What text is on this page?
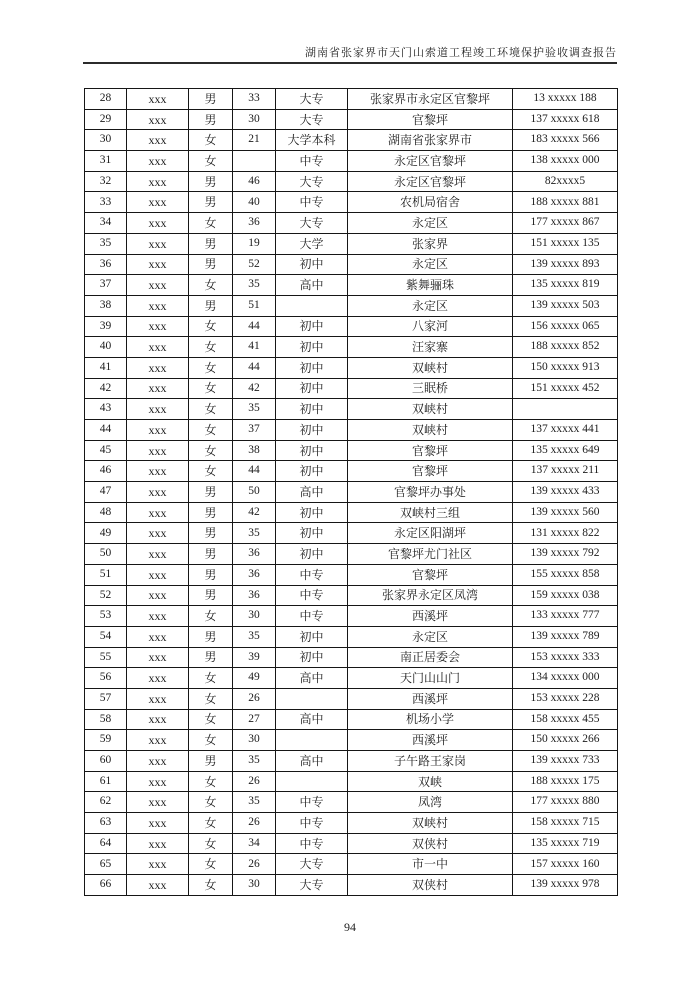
湖南省张家界市天门山索道工程竣工环境保护验收调查报告
28	xxx	男	33	大专	张家界市永定区官黎坪	13 xxxxx 188
29	xxx	男	30	大专	官黎坪	137 xxxxx 618
30	xxx	女	21	大学本科	湖南省张家界市	183 xxxxx 566
31	xxx	女		中专	永定区官黎坪	138 xxxxx 000
32	xxx	男	46	大专	永定区官黎坪	82xxxx5
33	xxx	男	40	中专	农机局宿舍	188 xxxxx 881
34	xxx	女	36	大专	永定区	177 xxxxx 867
35	xxx	男	19	大学	张家界	151 xxxxx 135
36	xxx	男	52	初中	永定区	139 xxxxx 893
37	xxx	女	35	高中	紫舞骊珠	135 xxxxx 819
38	xxx	男	51		永定区	139 xxxxx 503
39	xxx	女	44	初中	八家河	156 xxxxx 065
40	xxx	女	41	初中	汪家寨	188 xxxxx 852
41	xxx	女	44	初中	双峡村	150 xxxxx 913
42	xxx	女	42	初中	三眠桥	151 xxxxx 452
43	xxx	女	35	初中	双峡村	
44	xxx	女	37	初中	双峡村	137 xxxxx 441
45	xxx	女	38	初中	官黎坪	135 xxxxx 649
46	xxx	女	44	初中	官黎坪	137 xxxxx 211
47	xxx	男	50	高中	官黎坪办事处	139 xxxxx 433
48	xxx	男	42	初中	双峡村三组	139 xxxxx 560
49	xxx	男	35	初中	永定区阳湖坪	131 xxxxx 822
50	xxx	男	36	初中	官黎坪尤门社区	139 xxxxx 792
51	xxx	男	36	中专	官黎坪	155 xxxxx 858
52	xxx	男	36	中专	张家界永定区凤湾	159 xxxxx 038
53	xxx	女	30	中专	西溪坪	133 xxxxx 777
54	xxx	男	35	初中	永定区	139 xxxxx 789
55	xxx	男	39	初中	南正居委会	153 xxxxx 333
56	xxx	女	49	高中	天门山山门	134 xxxxx 000
57	xxx	女	26		西溪坪	153 xxxxx 228
58	xxx	女	27	高中	机场小学	158 xxxxx 455
59	xxx	女	30		西溪坪	150 xxxxx 266
60	xxx	男	35	高中	子午路王家岗	139 xxxxx 733
61	xxx	女	26		双峡	188 xxxxx 175
62	xxx	女	35	中专	凤湾	177 xxxxx 880
63	xxx	女	26	中专	双峡村	158 xxxxx 715
64	xxx	女	34	中专	双侠村	135 xxxxx 719
65	xxx	女	26	大专	市一中	157 xxxxx 160
66	xxx	女	30	大专	双侠村	139 xxxxx 978
94
